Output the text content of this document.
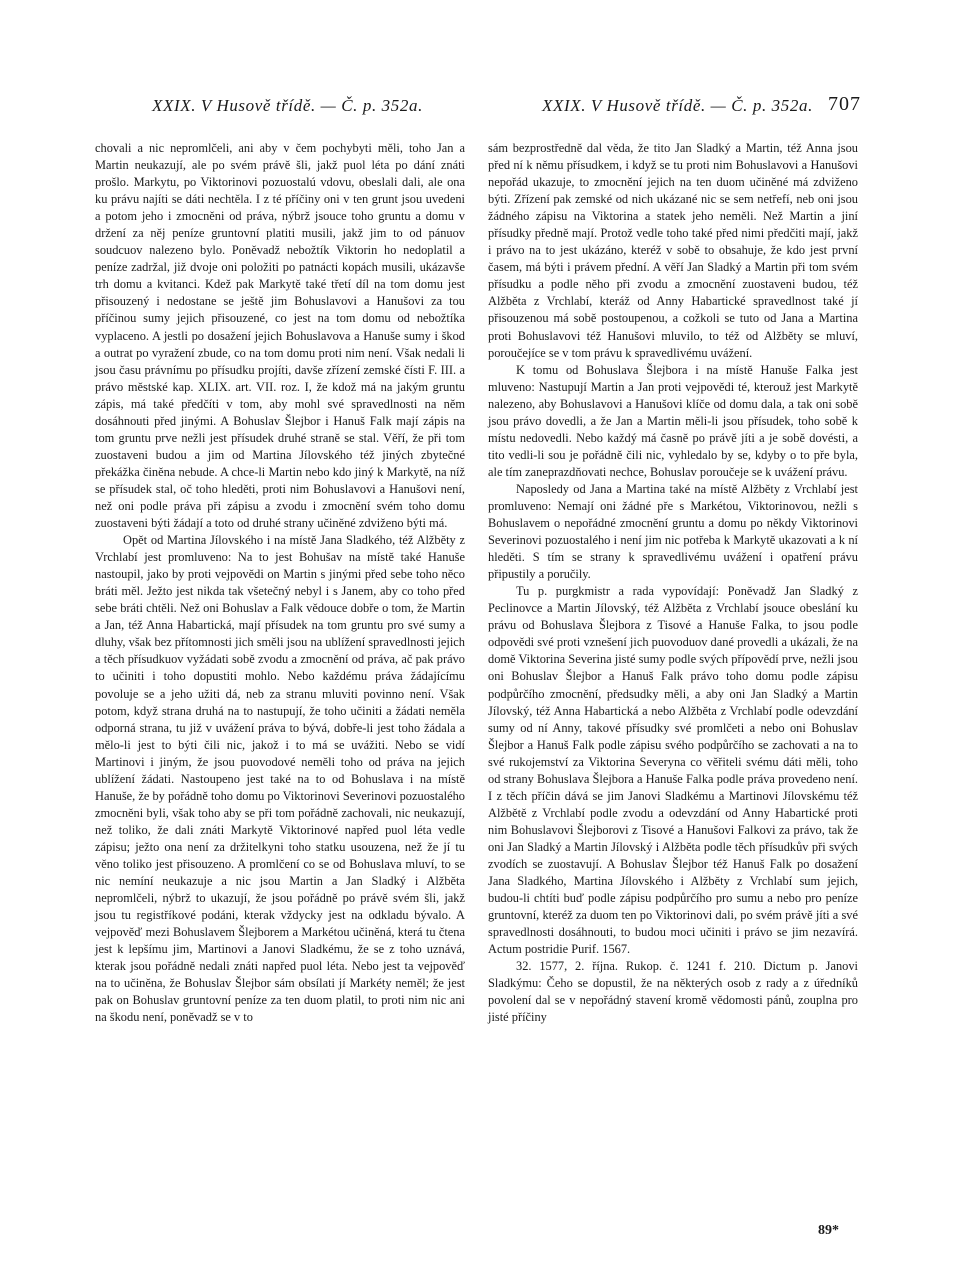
XXIX. V Husově třídě. — Č. p. 352a.	XXIX. V Husově třídě. — Č. p. 352a. 707

chovali a nic nepromlčeli, ani aby v čem pochybyti měli, toho Jan a Martin neukazují, ale po svém právě šli, jakž puol léta po dání znáti prošlo. Markytu, po Viktorinovi pozuostalú vdovu, obeslali dali, ale ona ku právu najíti se dáti nechtěla. I z té příčiny oni v ten grunt jsou uvedeni a potom jeho i zmocněni od práva, nýbrž jsouce toho gruntu a domu v držení za něj peníze gruntovní platiti musili, jakž jim to od pánuov soudcuov nalezeno bylo. Poněvadž nebožtík Viktorin ho nedoplatil a peníze zadržal, již dvoje oni položiti po patnácti kopách musili, ukázavše trh domu a kvitanci. Kdež pak Markytě také třetí díl na tom domu jest přisouzený i nedostane se ještě jim Bohuslavovi a Hanušovi za tou příčinou sumy jejich přisouzené, co jest na tom domu od nebožtíka vyplaceno. A jestli po dosažení jejich Bohuslavova a Hanuše sumy i škod a outrat po vyražení zbude, co na tom domu proti nim není. Však nedali li jsou času právnímu po přísudku projíti, davše zřízení zemské čísti F. III. a právo městské kap. XLIX. art. VII. roz. I, že kdož má na jakým gruntu zápis, má také předčíti v tom, aby mohl své spravedlnosti na něm dosáhnouti před jinými. A Bohuslav Šlejbor i Hanuš Falk mají zápis na tom gruntu prve nežli jest přísudek druhé straně se stal. Věří, že při tom zuostaveni budou a jim od Martina Jílovského též jiných zbytečné překážka činěna nebude. A chce-li Martin nebo kdo jiný k Markytě, na níž se přísudek stal, oč toho hleděti, proti nim Bohuslavovi a Hanušovi není, než oni podle práva při zápisu a zvodu i zmocnění svém toho domu zuostaveni býti žádají a toto od druhé strany učiněné zdviženo býti má.

Opět od Martina Jílovského i na místě Jana Sladkého, též Alžběty z Vrchlabí jest promluveno: Na to jest Bohušav na místě také Hanuše nastoupil, jako by proti vejpovědi on Martin s jinými před sebe toho něco bráti měl. Ježto jest nikda tak všetečný nebyl i s Janem, aby co toho před sebe bráti chtěli. Než oni Bohuslav a Falk vědouce dobře o tom, že Martin a Jan, též Anna Habartická, mají přísudek na tom gruntu pro své sumy a dluhy, však bez přítomnosti jich směli jsou na ublížení spravedlnosti jejich a těch přísudkuov vyžádati sobě zvodu a zmocnění od práva, ač pak právo to učiniti i toho dopustiti mohlo. Nebo každému práva žádajícímu povoluje se a jeho užiti dá, neb za stranu mluviti povinno není. Však potom, když strana druhá na to nastupují, že toho učiniti a žádati neměla odporná strana, tu již v uvážení práva to bývá, dobře-li jest toho žádala a mělo-li jest to býti čili nic, jakož i to má se uvážiti. Nebo se vidí Martinovi i jiným, že jsou puovodové neměli toho od práva na jejich ublížení žádati. Nastoupeno jest také na to od Bohuslava i na místě Hanuše, že by pořádně toho domu po Viktorinovi Severinovi pozuostalého zmocněni byli, však toho aby se při tom pořádně zachovali, nic neukazují, než toliko, že dali znáti Markytě Viktorinové napřed puol léta vedle zápisu; ježto ona není za držitelkyni toho statku usouzena, než že jí tu věno toliko jest přisouzeno. A promlčení co se od Bohuslava mluví, to se nic nemíní neukazuje a nic jsou Martin a Jan Sladký i Alžběta nepromlčeli, nýbrž to ukazují, že jsou pořádně po právě svém šli, jakž jsou tu registříkové podáni, kterak vždycky jest na odkladu bývalo. A vejpověď mezi Bohuslavem Šlejborem a Markétou učiněná, která tu čtena jest k lepšímu jim, Martinovi a Janovi Sladkému, že se z toho uznává, kterak jsou pořádně nedali znáti napřed puol léta. Nebo jest ta vejpověď na to učiněna, že Bohuslav Šlejbor sám obsílati jí Markéty neměl; že jest pak on Bohuslav gruntovní peníze za ten duom platil, to proti nim nic ani na škodu není, poněvadž se v to

sám bezprostředně dal věda, že tito Jan Sladký a Martin, též Anna jsou před ní k němu přísudkem, i když se tu proti nim Bohuslavovi a Hanušovi nepořád ukazuje, to zmocnění jejich na ten duom učiněné má zdviženo býti. Zřízení pak zemské od nich ukázané nic se sem netřefí, neb oni jsou žádného zápisu na Viktorina a statek jeho neměli. Než Martin a jiní přísudky předně mají. Protož vedle toho také před nimi předčiti mají, jakž i právo na to jest ukázáno, kteréž v sobě to obsahuje, že kdo jest první časem, má býti i právem přední. A věří Jan Sladký a Martin při tom svém přísudku a podle něho při zvodu a zmocnění zuostaveni budou, též Alžběta z Vrchlabí, kteráž od Anny Habartické spravedlnost také jí přisouzenou má sobě postoupenou, a cožkoli se tuto od Jana a Martina proti Bohuslavovi též Hanušovi mluvilo, to též od Alžběty se mluví, poroučejíce se v tom právu k spravedlivému uvážení.

K tomu od Bohuslava Šlejbora i na místě Hanuše Falka jest mluveno: Nastupují Martin a Jan proti vejpovědi té, kterouž jest Markytě nalezeno, aby Bohuslavovi a Hanušovi klíče od domu dala, a tak oni sobě jsou právo dovedli, a že Jan a Martin měli-li jsou přísudek, toho sobě k místu nedovedli. Nebo každý má časně po právě jíti a je sobě dovésti, a tito vedli-li sou je pořádně čili nic, vyhledalo by se, kdyby o to pře byla, ale tím zaneprazdňovati nechce, Bohuslav poroučeje se k uvážení právu.

Naposledy od Jana a Martina také na místě Alžběty z Vrchlabí jest promluveno: Nemají oni žádné pře s Markétou, Viktorinovou, nežli s Bohuslavem o nepořádné zmocnění gruntu a domu po někdy Viktorinovi Severinovi pozuostalého i není jim nic potřeba k Markytě ukazovati a k ní hleděti. S tím se strany k spravedlivému uvážení i opatření právu připustily a poručily.

Tu p. purgkmistr a rada vypovídají: Poněvadž Jan Sladký z Peclinovce a Martin Jílovský, též Alžběta z Vrchlabí jsouce obeslání ku právu od Bohuslava Šlejbora z Tisové a Hanuše Falka, to jsou podle odpovědi své proti vznešení jich puovoduov dané provedli a ukázali, že na domě Viktorina Severina jisté sumy podle svých přípovědí prve, nežli jsou oni Bohuslav Šlejbor a Hanuš Falk právo toho domu podle zápisu podpůrčího zmocnění, předsudky měli, a aby oni Jan Sladký a Martin Jílovský, též Anna Habartická a nebo Alžběta z Vrchlabí podle odevzdání sumy od ní Anny, takové přísudky své promlčeti a nebo oni Bohuslav Šlejbor a Hanuš Falk podle zápisu svého podpůrčího se zachovati a na to své rukojemství za Viktorina Severyna co věřiteli svému dáti měli, toho od strany Bohuslava Šlejbora a Hanuše Falka podle práva provedeno není. I z těch příčin dává se jim Janovi Sladkému a Martinovi Jílovskému též Alžbětě z Vrchlabí podle zvodu a odevzdání od Anny Habartické proti nim Bohuslavovi Šlejborovi z Tisové a Hanušovi Falkovi za právo, tak že oni Jan Sladký a Martin Jílovský i Alžběta podle těch přísudkův při svých zvodích se zuostavují. A Bohuslav Šlejbor též Hanuš Falk po dosažení Jana Sladkého, Martina Jílovského i Alžběty z Vrchlabí sum jejich, budou-li chtíti buď podle zápisu podpůrčího pro sumu a nebo pro peníze gruntovní, kteréž za duom ten po Viktorinovi dali, po svém právě jíti a své spravedlnosti dosáhnouti, to budou moci učiniti i právo se jim nezavírá. Actum postridie Purif. 1567.

32. 1577, 2. října. Rukop. č. 1241 f. 210. Dictum p. Janovi Sladkýmu: Čeho se dopustil, že na některých osob z rady a z úředníků povolení dal se v nepořádný stavení kromě vědomosti pánů, zouplna pro jisté příčiny

89*
